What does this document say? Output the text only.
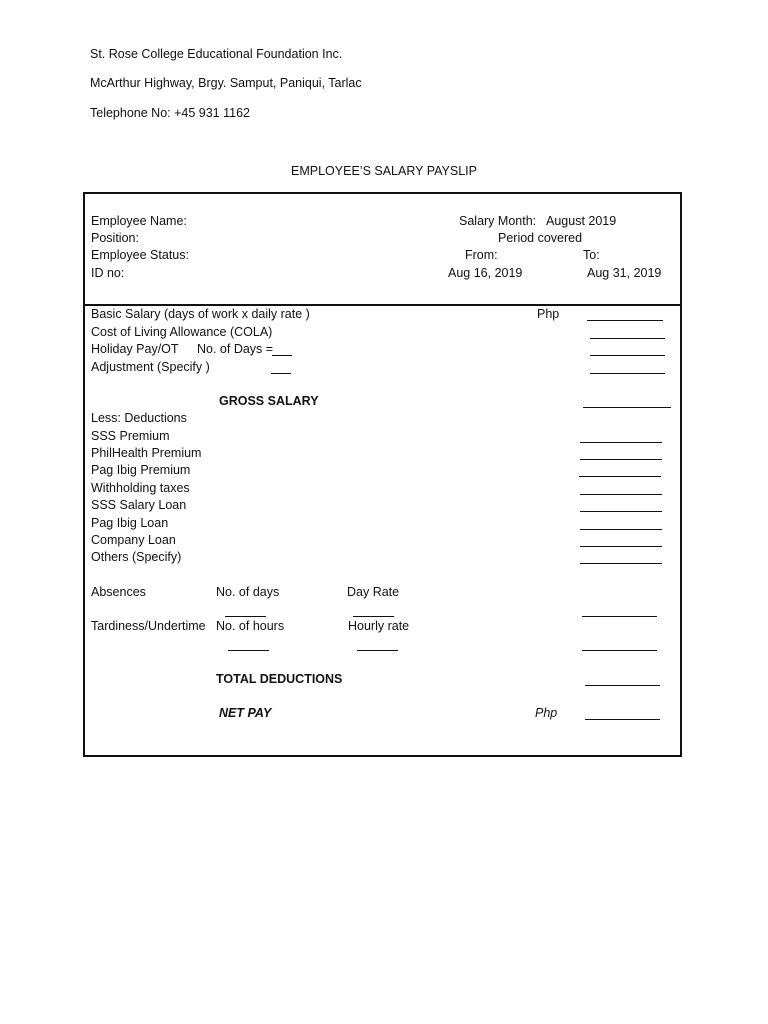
St. Rose College Educational Foundation Inc.
McArthur Highway, Brgy. Samput, Paniqui, Tarlac
Telephone No: +45 931 1162
EMPLOYEE’S SALARY PAYSLIP
Employee Name:
Position:
Employee Status:
ID no:
Salary Month: August 2019
Period covered
From:	To:
Aug 16, 2019	Aug 31, 2019
Basic Salary (days of work x daily rate )	Php
Cost of Living Allowance (COLA)
Holiday Pay/OT No. of Days =
Adjustment (Specify )
GROSS SALARY
Less: Deductions
SSS Premium
PhilHealth Premium
Pag Ibig Premium
Withholding taxes
SSS Salary Loan
Pag Ibig Loan
Company Loan
Others (Specify)
Absences	No. of days	Day Rate
Tardiness/Undertime No. of hours	Hourly rate
TOTAL DEDUCTIONS
NET PAY	Php
